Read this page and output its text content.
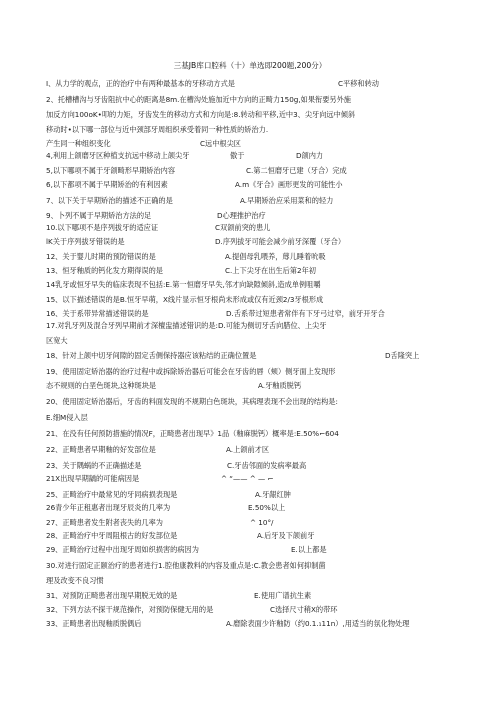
三基JB库口腔科（十）单选即200题,200分）
I、从力学的观点，正的治疗中有两种最基本的牙移动方式是	C平移和转动
2、托槽槽沟与牙齿阻抗中心的距离是8m.在槽沟处施加近中方向的正畸力150g,如果衔要另外施
加反方向100oK•叩的力矩，牙齿发生的移动方式和方向是:8.转动和平移,近中3、尖牙向远中倾斜
移动时•以下哪一部位与近中颈部牙周组织承受着同一种性质的矫治力.
产生同一种组织变化	C远中根尖区
4,利用上颌磨牙区种植支抗远中移动上颌尖牙	傲于	D颌内力
5,以下哪项不属于牙颌畸形早期矫治内容	C.第二恒磨牙已建（牙合）完成
6,以下都项不属于早期矫治的有利因素	A.m《牙合》画形更发的可能性小
7、以下关于早期矫治的描述不正确的是	A.早期矫治应采用菜和的轻力
9、卜列不属于早期矫治方法的足	D心理推护治疗
10.以下哪项不是序列拔牙的适应证	C双颌前突的患儿
lK关于序列拔牙错误的是	D.序列拔牙可能会减少前牙深覆（牙合）
12、关于婴儿时期的预防错误的是	A.提倡母乳喂养，蓐儿睡着吮吸
13、恒牙釉质的钙化发方期得误的是	C.上下尖牙在出生后第2年初
14乳牙或恒牙早失的临床表现不包括:E.第一恒磨牙早失,邻才向缺隙倾斜,造成单例咀嚼
15、以下描述错误的是B.恒牙早萌，X线片显示恒牙根尚未形成或仅有近颈2/3牙根形成
16、关于系带异常描述错误的是	D.舌系带过短患者常伴有下牙弓过窄，前牙开牙合
17.对乳牙列及混合牙列早期前才深檀盅描述错识的是:D.可能为侧切牙舌向腊位、上尖牙
区宽大
18、针对上颌中切牙间隙的固定舌侧保持器应该粘结的正确位置是	D舌隆突上
19、使用固定矫治器的治疗过程中或拆除矫治器后可能会在牙齿的唇（颊）侧牙面上发现形
态不规则的白垩色斑块,这种斑块是	A.牙釉质脱钙
20、使用固定矫治器后，牙齿的料面发现的不规期白色斑块，其病理表现不会出现的结构是:
E.细M侵入层
21、在没有任何预防措施的情况F，正畸患者出现早》1品（釉麻脱钙）概率是:E.50%⌐604
22、正畸患者早期釉的好发部位是	A.上颌前才区
23、关于隅蜗的不正确描述是	C.牙齿邻面的发病率最高
21X出现早期龋的可能病因是	^ “—— ^ — ⌐
25、正畸治疗中最常见的牙同病损表现是	A.牙龈红肿
26青少年正租惠者出现牙辰炎的几率为	E.50%以上
27、正畸患者发生附者丧失的几率为	^ 10°/
28、正畸治疗中牙周阻根古的好发部位是	A.后牙及下颌前牙
29、正畸治疗过程中出现牙周如织损害的病因为	E.以上都是
30.对进行固定正颐治疗的患者进行1.腔他康教料的内容及重点是:C.教会患者如何抑制菌
理及改变不良习惯
31、对预防正畸患者出现早期脱无效的是	E.使用广谱抗生素
32、下列方法不探干规范操作，对预防保健无用的是	C选择尺寸稍X的带环
33、正畸患者出现釉质脱偶后	A.磨除表面少许釉防（约0.1.₁11n）,用适当的氛化物处理
